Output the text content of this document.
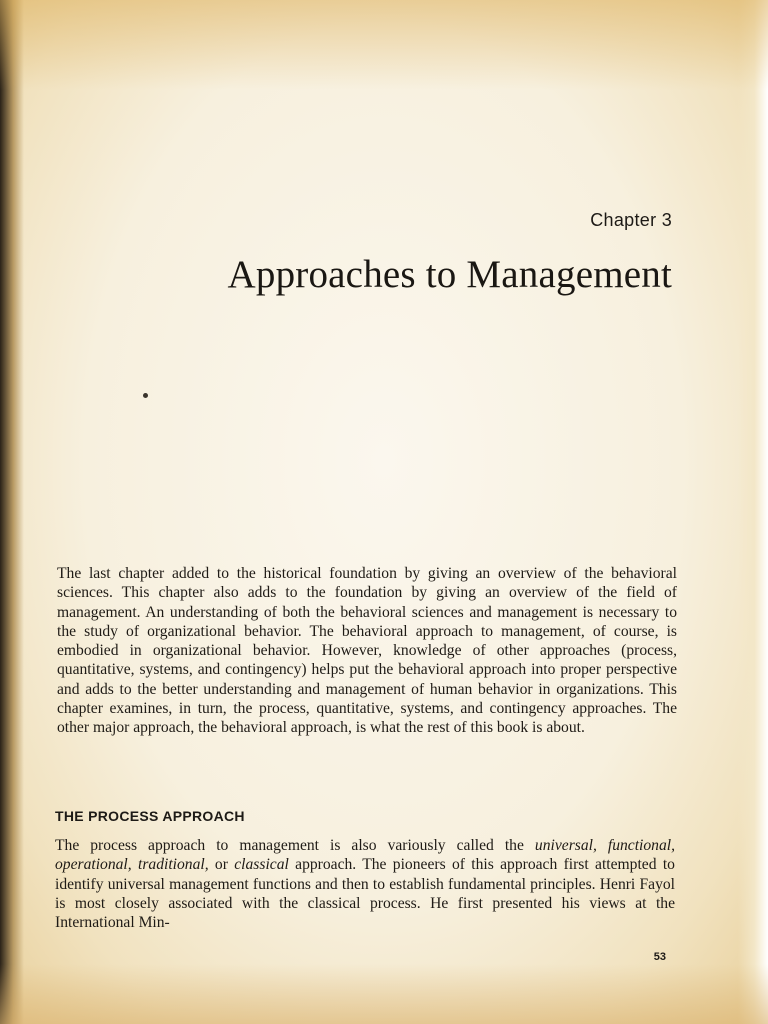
Chapter 3
Approaches to Management

The last chapter added to the historical foundation by giving an overview of the behavioral sciences. This chapter also adds to the foundation by giving an overview of the field of management. An understanding of both the behavioral sciences and management is necessary to the study of organizational behavior. The behavioral approach to management, of course, is embodied in organizational behavior. However, knowledge of other approaches (process, quantitative, systems, and contingency) helps put the behavioral approach into proper perspective and adds to the better understanding and management of human behavior in organizations. This chapter examines, in turn, the process, quantitative, systems, and contingency approaches. The other major approach, the behavioral approach, is what the rest of this book is about.

THE PROCESS APPROACH

The process approach to management is also variously called the universal, functional, operational, traditional, or classical approach. The pioneers of this approach first attempted to identify universal management functions and then to establish fundamental principles. Henri Fayol is most closely associated with the classical process. He first presented his views at the International Min-

53
